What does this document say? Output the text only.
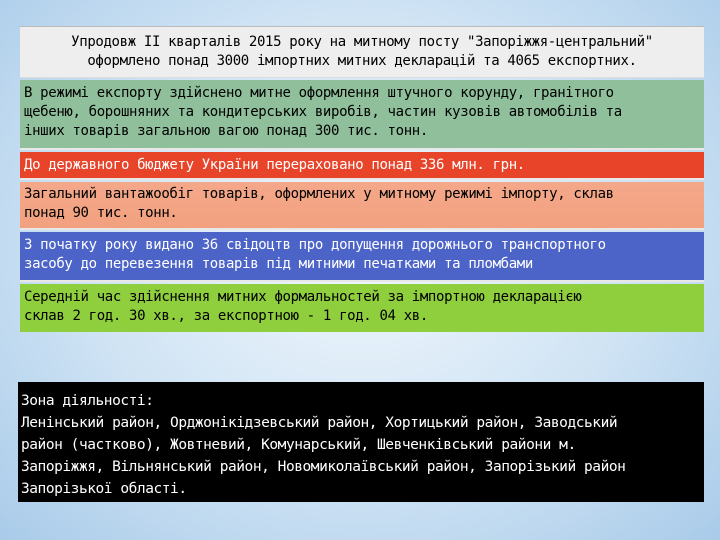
Упродовж ІІ кварталів 2015 року на митному посту "Запоріжжя-центральний"
оформлено понад 3000 імпортних митних декларацій та 4065 експортних.
В режимі експорту здійснено митне оформлення штучного корунду, гранітного
щебеню, борошняних та кондитерських виробів, частин кузовів автомобілів та
інших товарів загальною вагою понад 300 тис. тонн.
До державного бюджету України перераховано понад 336 млн. грн.
Загальний вантажообіг товарів, оформлених у митному режимі імпорту, склав
понад 90 тис. тонн.
З початку року видано 36 свідоцтв про допущення дорожнього транспортного
засобу до перевезення товарів під митними печатками та пломбами
Середній час здійснення митних формальностей за імпортною декларацією
склав 2 год. 30 хв., за експортною - 1 год. 04 хв.
Зона діяльності:
Ленінський район, Орджонікідзевський район, Хортицький район, Заводський
район (частково), Жовтневий, Комунарський, Шевченківський райони м.
Запоріжжя, Вільнянський район, Новомиколаївський район, Запорізький район
Запорізької області.
